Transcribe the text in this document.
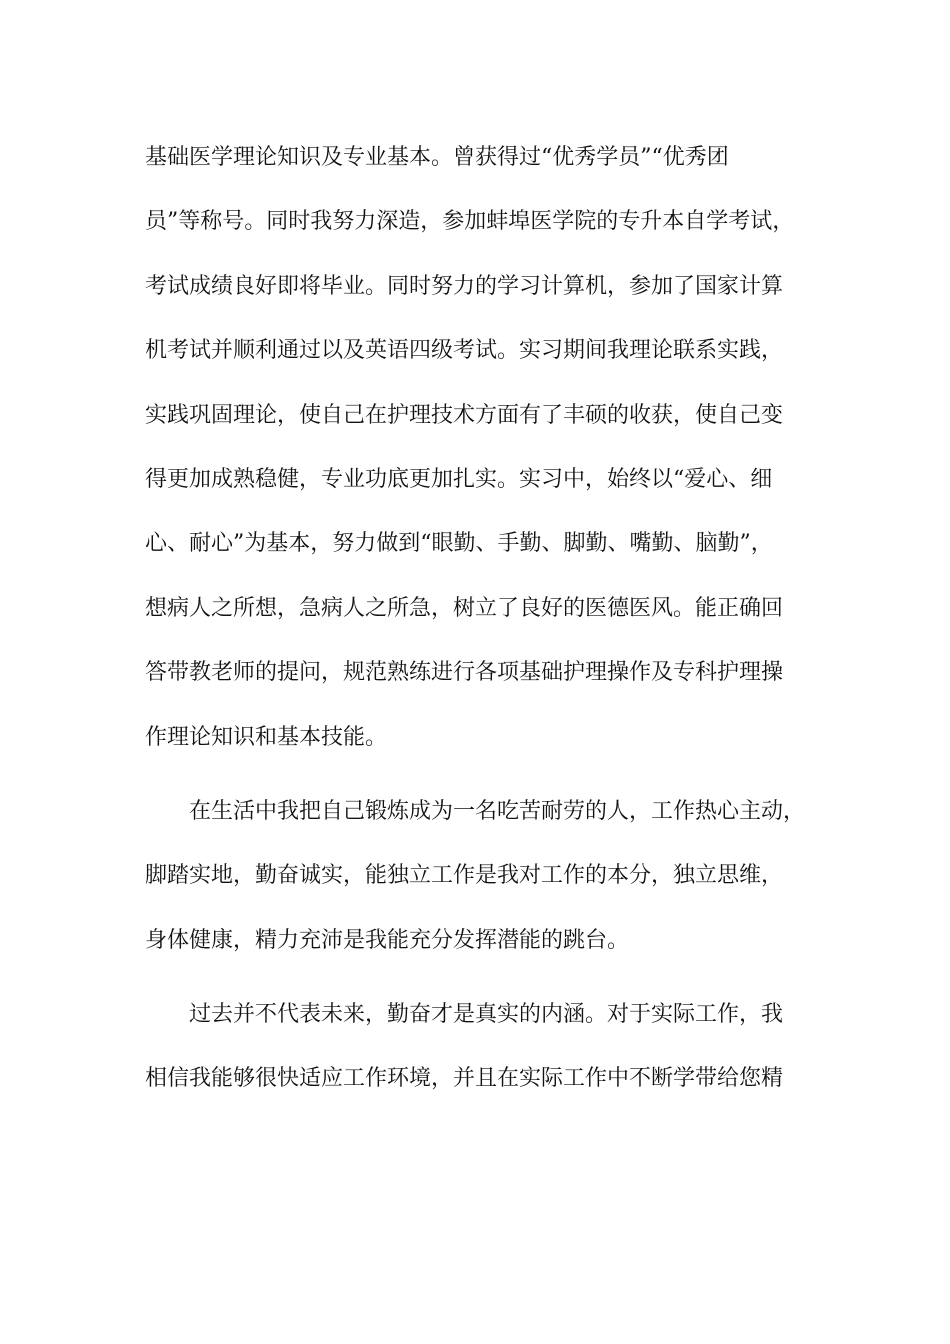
基础医学理论知识及专业基本。曾获得过“优秀学员”“优秀团
员”等称号。同时我努力深造，参加蚌埠医学院的专升本自学考试，
考试成绩良好即将毕业。同时努力的学习计算机，参加了国家计算
机考试并顺利通过以及英语四级考试。实习期间我理论联系实践，
实践巩固理论，使自己在护理技术方面有了丰硕的收获，使自己变
得更加成熟稳健，专业功底更加扎实。实习中，始终以“爱心、细
心、耐心”为基本，努力做到“眼勤、手勤、脚勤、嘴勤、脑勤”，
想病人之所想，急病人之所急，树立了良好的医德医风。能正确回
答带教老师的提问，规范熟练进行各项基础护理操作及专科护理操
作理论知识和基本技能。
在生活中我把自己锻炼成为一名吃苦耐劳的人，工作热心主动，
脚踏实地，勤奋诚实，能独立工作是我对工作的本分，独立思维，
身体健康，精力充沛是我能充分发挥潜能的跳台。
过去并不代表未来，勤奋才是真实的内涵。对于实际工作，我
相信我能够很快适应工作环境，并且在实际工作中不断学带给您精
